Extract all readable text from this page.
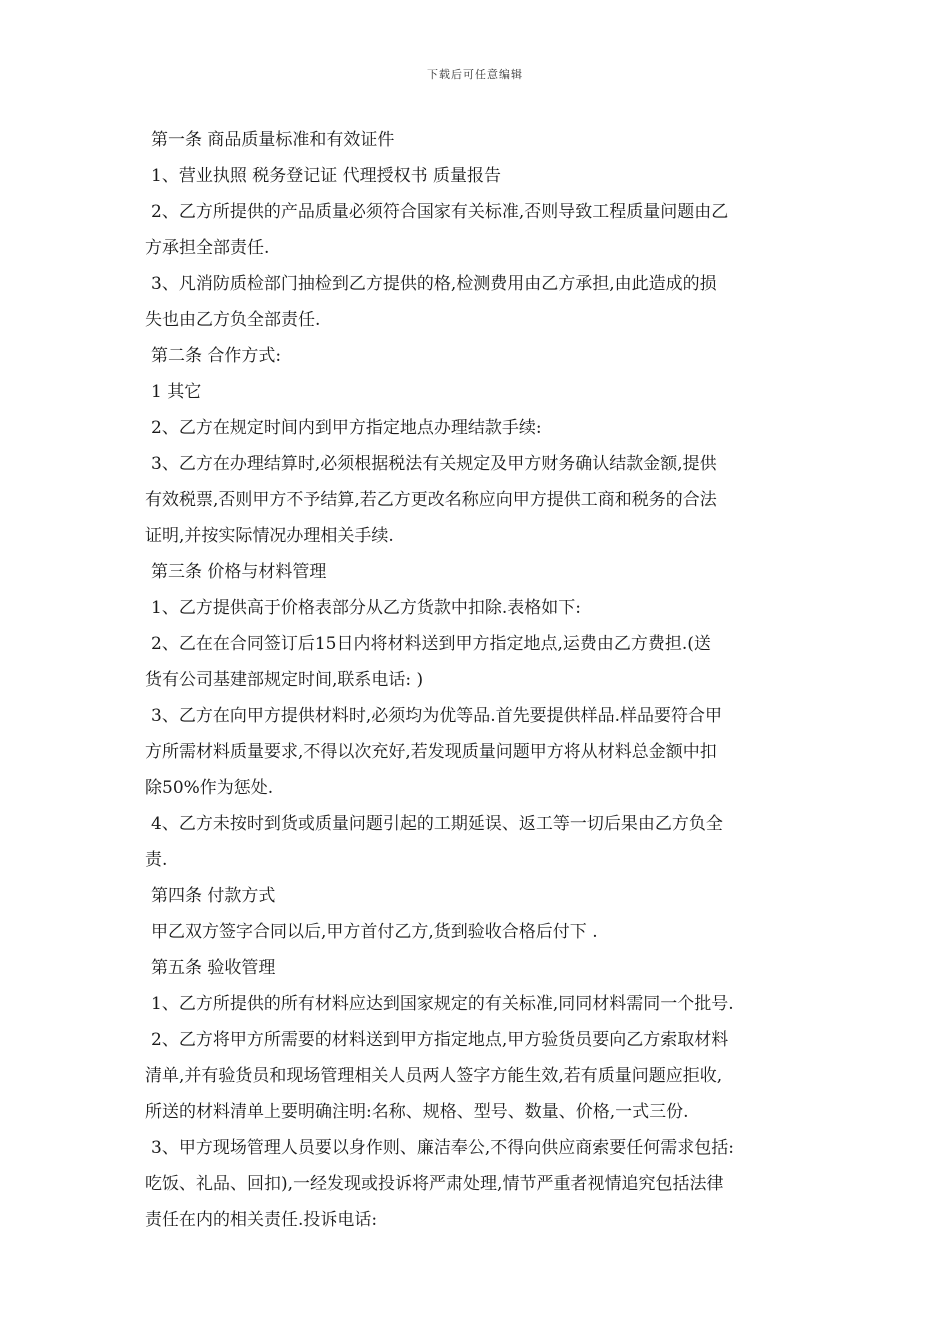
下载后可任意编辑
第一条 商品质量标准和有效证件
1、营业执照 税务登记证 代理授权书 质量报告
2、乙方所提供的产品质量必须符合国家有关标准,否则导致工程质量问题由乙
方承担全部责任.
3、凡消防质检部门抽检到乙方提供的格,检测费用由乙方承担,由此造成的损
失也由乙方负全部责任.
第二条 合作方式:
1 其它
2、乙方在规定时间内到甲方指定地点办理结款手续:
3、乙方在办理结算时,必须根据税法有关规定及甲方财务确认结款金额,提供
有效税票,否则甲方不予结算,若乙方更改名称应向甲方提供工商和税务的合法
证明,并按实际情况办理相关手续.
第三条 价格与材料管理
1、乙方提供高于价格表部分从乙方货款中扣除.表格如下:
2、乙在在合同签订后15日内将材料送到甲方指定地点,运费由乙方费担.(送
货有公司基建部规定时间,联系电话: )
3、乙方在向甲方提供材料时,必须均为优等品.首先要提供样品.样品要符合甲
方所需材料质量要求,不得以次充好,若发现质量问题甲方将从材料总金额中扣
除50%作为惩处.
4、乙方未按时到货或质量问题引起的工期延误、返工等一切后果由乙方负全
责.
第四条 付款方式
甲乙双方签字合同以后,甲方首付乙方,货到验收合格后付下 .
第五条 验收管理
1、乙方所提供的所有材料应达到国家规定的有关标准,同同材料需同一个批号.
2、乙方将甲方所需要的材料送到甲方指定地点,甲方验货员要向乙方索取材料
清单,并有验货员和现场管理相关人员两人签字方能生效,若有质量问题应拒收,
所送的材料清单上要明确注明:名称、规格、型号、数量、价格,一式三份.
3、甲方现场管理人员要以身作则、廉洁奉公,不得向供应商索要任何需求包括:
吃饭、礼品、回扣),一经发现或投诉将严肃处理,情节严重者视情追究包括法律
责任在内的相关责任.投诉电话:
